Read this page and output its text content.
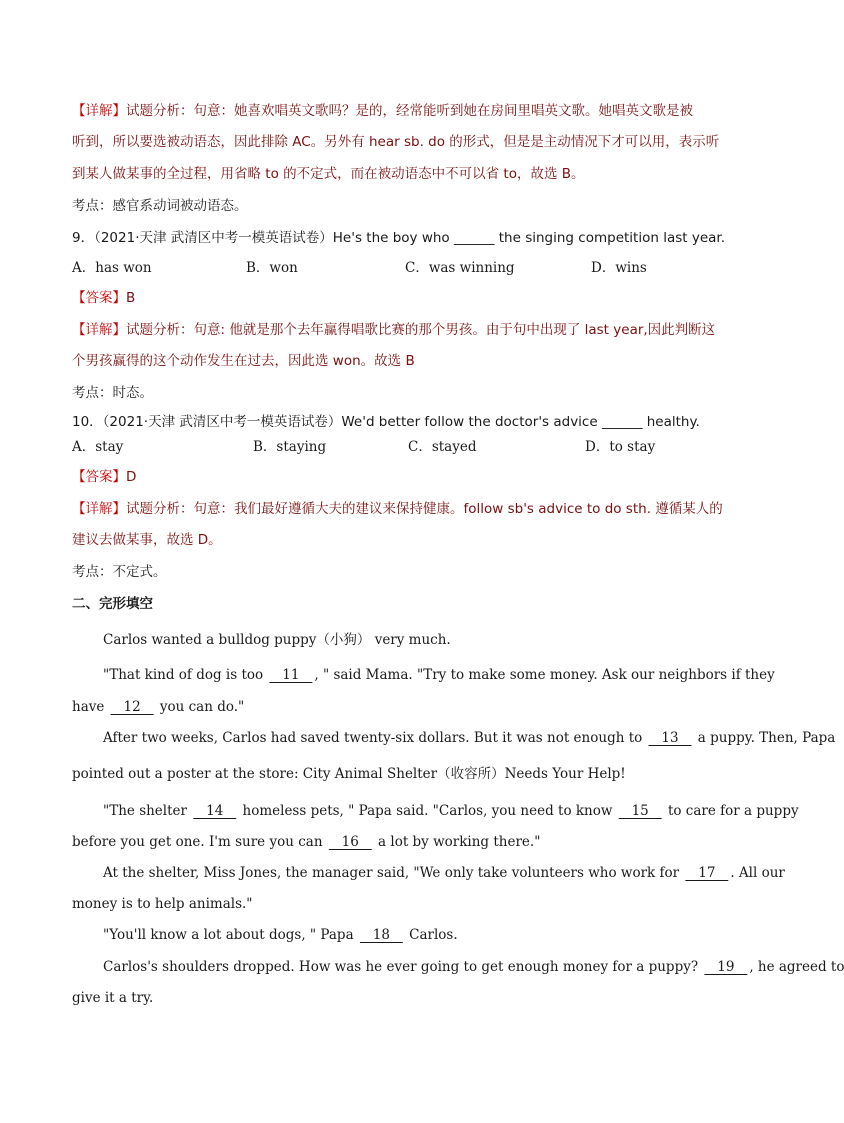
【详解】试题分析：句意：她喜欢唱英文歌吗？是的，经常能听到她在房间里唱英文歌。她唱英文歌是被
听到，所以要选被动语态，因此排除 AC。另外有 hear sb. do 的形式，但是是主动情况下才可以用，表示听
到某人做某事的全过程，用省略 to 的不定式，而在被动语态中不可以省 to，故选 B。
考点：感官系动词被动语态。
9．（2021·天津 武清区中考一模英语试卷）He's the boy who ______ the singing competition last year.
A．has won	B．won	C．was winning	D．wins
【答案】B
【详解】试题分析：句意: 他就是那个去年赢得唱歌比赛的那个男孩。由于句中出现了 last year,因此判断这
个男孩赢得的这个动作发生在过去，因此选 won。故选 B
考点：时态。
10．（2021·天津 武清区中考一模英语试卷）We'd better follow the doctor's advice ______ healthy.
A．stay	B．staying	C．stayed	D．to stay
【答案】D
【详解】试题分析：句意：我们最好遵循大夫的建议来保持健康。follow sb's advice to do sth. 遵循某人的
建议去做某事，故选 D。
考点：不定式。
二、完形填空
Carlos wanted a bulldog puppy（小狗） very much.
"That kind of dog is too    11   , " said Mama. "Try to make some money. Ask our neighbors if they
have    12    you can do."
After two weeks, Carlos had saved twenty-six dollars. But it was not enough to    13    a puppy. Then, Papa
pointed out a poster at the store: City Animal Shelter（收容所）Needs Your Help!
"The shelter    14    homeless pets, " Papa said. "Carlos, you need to know    15    to care for a puppy
before you get one. I'm sure you can    16    a lot by working there."
At the shelter, Miss Jones, the manager said, "We only take volunteers who work for    17   . All our
money is to help animals."
"You'll know a lot about dogs, " Papa    18    Carlos.
Carlos's shoulders dropped. How was he ever going to get enough money for a puppy?    19   , he agreed to
give it a try.
